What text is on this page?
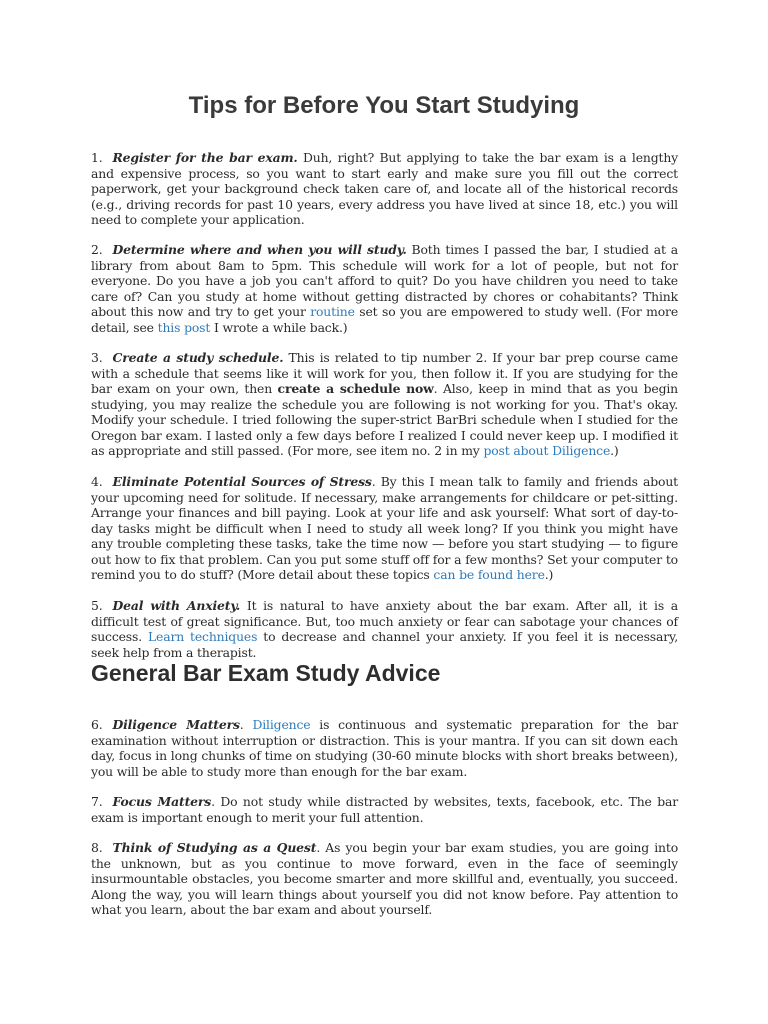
Tips for Before You Start Studying

1. Register for the bar exam. Duh, right? But applying to take the bar exam is a lengthy and expensive process, so you want to start early and make sure you fill out the correct paperwork, get your background check taken care of, and locate all of the historical records (e.g., driving records for past 10 years, every address you have lived at since 18, etc.) you will need to complete your application.

2. Determine where and when you will study. Both times I passed the bar, I studied at a library from about 8am to 5pm. This schedule will work for a lot of people, but not for everyone. Do you have a job you can't afford to quit? Do you have children you need to take care of? Can you study at home without getting distracted by chores or cohabitants? Think about this now and try to get your routine set so you are empowered to study well. (For more detail, see this post I wrote a while back.)

3. Create a study schedule. This is related to tip number 2. If your bar prep course came with a schedule that seems like it will work for you, then follow it. If you are studying for the bar exam on your own, then create a schedule now. Also, keep in mind that as you begin studying, you may realize the schedule you are following is not working for you. That's okay. Modify your schedule. I tried following the super-strict BarBri schedule when I studied for the Oregon bar exam. I lasted only a few days before I realized I could never keep up. I modified it as appropriate and still passed. (For more, see item no. 2 in my post about Diligence.)

4. Eliminate Potential Sources of Stress. By this I mean talk to family and friends about your upcoming need for solitude. If necessary, make arrangements for childcare or pet-sitting. Arrange your finances and bill paying. Look at your life and ask yourself: What sort of day-to-day tasks might be difficult when I need to study all week long? If you think you might have any trouble completing these tasks, take the time now — before you start studying — to figure out how to fix that problem. Can you put some stuff off for a few months? Set your computer to remind you to do stuff? (More detail about these topics can be found here.)

5. Deal with Anxiety. It is natural to have anxiety about the bar exam. After all, it is a difficult test of great significance. But, too much anxiety or fear can sabotage your chances of success. Learn techniques to decrease and channel your anxiety. If you feel it is necessary, seek help from a therapist.

General Bar Exam Study Advice

6. Diligence Matters. Diligence is continuous and systematic preparation for the bar examination without interruption or distraction. This is your mantra. If you can sit down each day, focus in long chunks of time on studying (30-60 minute blocks with short breaks between), you will be able to study more than enough for the bar exam.

7. Focus Matters. Do not study while distracted by websites, texts, facebook, etc. The bar exam is important enough to merit your full attention.

8. Think of Studying as a Quest. As you begin your bar exam studies, you are going into the unknown, but as you continue to move forward, even in the face of seemingly insurmountable obstacles, you become smarter and more skillful and, eventually, you succeed. Along the way, you will learn things about yourself you did not know before. Pay attention to what you learn, about the bar exam and about yourself.
